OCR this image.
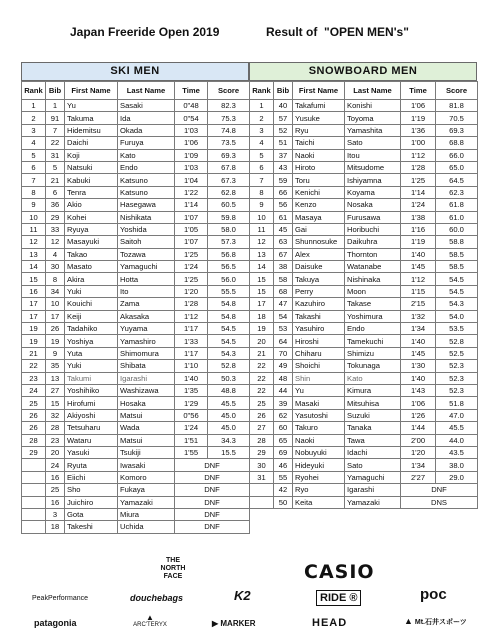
Japan Freeride Open 2019	Result of "OPEN MEN's"
SKI MEN
Rank	Bib	First Name	Last Name	Time	Score
1	1	Yu	Sasaki	0"48	82.3
2	91	Takuma	Ida	0"54	75.3
3	7	Hidemitsu	Okada	1'03	74.8
4	22	Daichi	Furuya	1'06	73.5
5	31	Koji	Kato	1'09	69.3
6	5	Natsuki	Endo	1'03	67.8
7	21	Kabuki	Katsuno	1'04	67.3
8	6	Tenra	Katsuno	1'22	62.8
9	36	Akio	Hasegawa	1'14	60.5
10	29	Kohei	Nishikata	1'07	59.8
11	33	Ryuya	Yoshida	1'05	58.0
12	12	Masayuki	Saitoh	1'07	57.3
13	4	Takao	Tozawa	1'25	56.8
14	30	Masato	Yamaguchi	1'24	56.5
15	8	Akira	Hotta	1'25	56.0
16	34	Yuki	Ito	1'20	55.5
17	10	Kouichi	Zama	1'28	54.8
17	17	Keiji	Akasaka	1'12	54.8
19	26	Tadahiko	Yuyama	1'17	54.5
19	19	Yoshiya	Yamashiro	1'33	54.5
21	9	Yuta	Shimomura	1'17	54.3
22	35	Yuki	Shibata	1'10	52.8
23	13	Takumi	Igarashi	1'40	50.3
24	27	Yoshihiko	Washizawa	1'35	48.8
25	15	Hirofumi	Hosaka	1'29	45.5
26	32	Akiyoshi	Matsui	0"56	45.0
26	28	Tetsuharu	Wada	1'24	45.0
28	23	Wataru	Matsui	1'51	34.3
29	20	Yasuki	Tsukiji	1'55	15.5
	24	Ryuta	Iwasaki	DNF	
	16	Eiichi	Komoro	DNF	
	25	Sho	Fukaya	DNF	
	16	Juichiro	Yamazaki	DNF	
	3	Gota	Miura	DNF	
	18	Takeshi	Uchida	DNF	
SNOWBOARD MEN
Rank	Bib	First Name	Last Name	Time	Score
1	40	Takafumi	Konishi	1'06	81.8
2	57	Yusuke	Toyoma	1'19	70.5
3	52	Ryu	Yamashita	1'36	69.3
4	51	Taichi	Sato	1'00	68.8
5	37	Naoki	Itou	1'12	66.0
6	43	Hiroto	Mitsudome	1'28	65.0
7	59	Toru	Ishiyamna	1'25	64.5
8	66	Kenichi	Koyama	1'14	62.3
9	56	Kenzo	Nosaka	1'24	61.8
10	61	Masaya	Furusawa	1'38	61.0
11	45	Gai	Horibuchi	1'16	60.0
12	63	Shunnosuke	Daikuhra	1'19	58.8
13	67	Alex	Thornton	1'40	58.5
14	38	Daisuke	Watanabe	1'45	58.5
15	58	Takuya	Nishinaka	1'12	54.5
15	68	Perry	Moon	1'15	54.5
17	47	Kazuhiro	Takase	2'15	54.3
18	54	Takashi	Yoshimura	1'32	54.0
19	53	Yasuhiro	Endo	1'34	53.5
20	64	Hiroshi	Tamekuchi	1'40	52.8
21	70	Chiharu	Shimizu	1'45	52.5
22	49	Shoichi	Tokunaga	1'30	52.3
22	48	Shin	Kato	1'40	52.3
22	44	Yu	Kimura	1'43	52.3
25	39	Masaki	Mitsuhisa	1'06	51.8
26	62	Yasutoshi	Suzuki	1'26	47.0
27	60	Takuro	Tanaka	1'44	45.5
28	65	Naoki	Tawa	2'00	44.0
29	69	Nobuyuki	Idachi	1'20	43.5
30	46	Hideyuki	Sato	1'34	38.0
31	55	Ryohei	Yamaguchi	2'27	29.0
	42	Ryo	Igarashi	DNF	
	50	Keita	Yamazaki	DNS	
THE
NORTH
FACE	CASIO
PeakPerformance	douchebags	K2	RIDE ®	poc
patagonia
▲
ARC'TERYX	▶ MARKER	HEAD	▲ Mt.石井スポーツ
